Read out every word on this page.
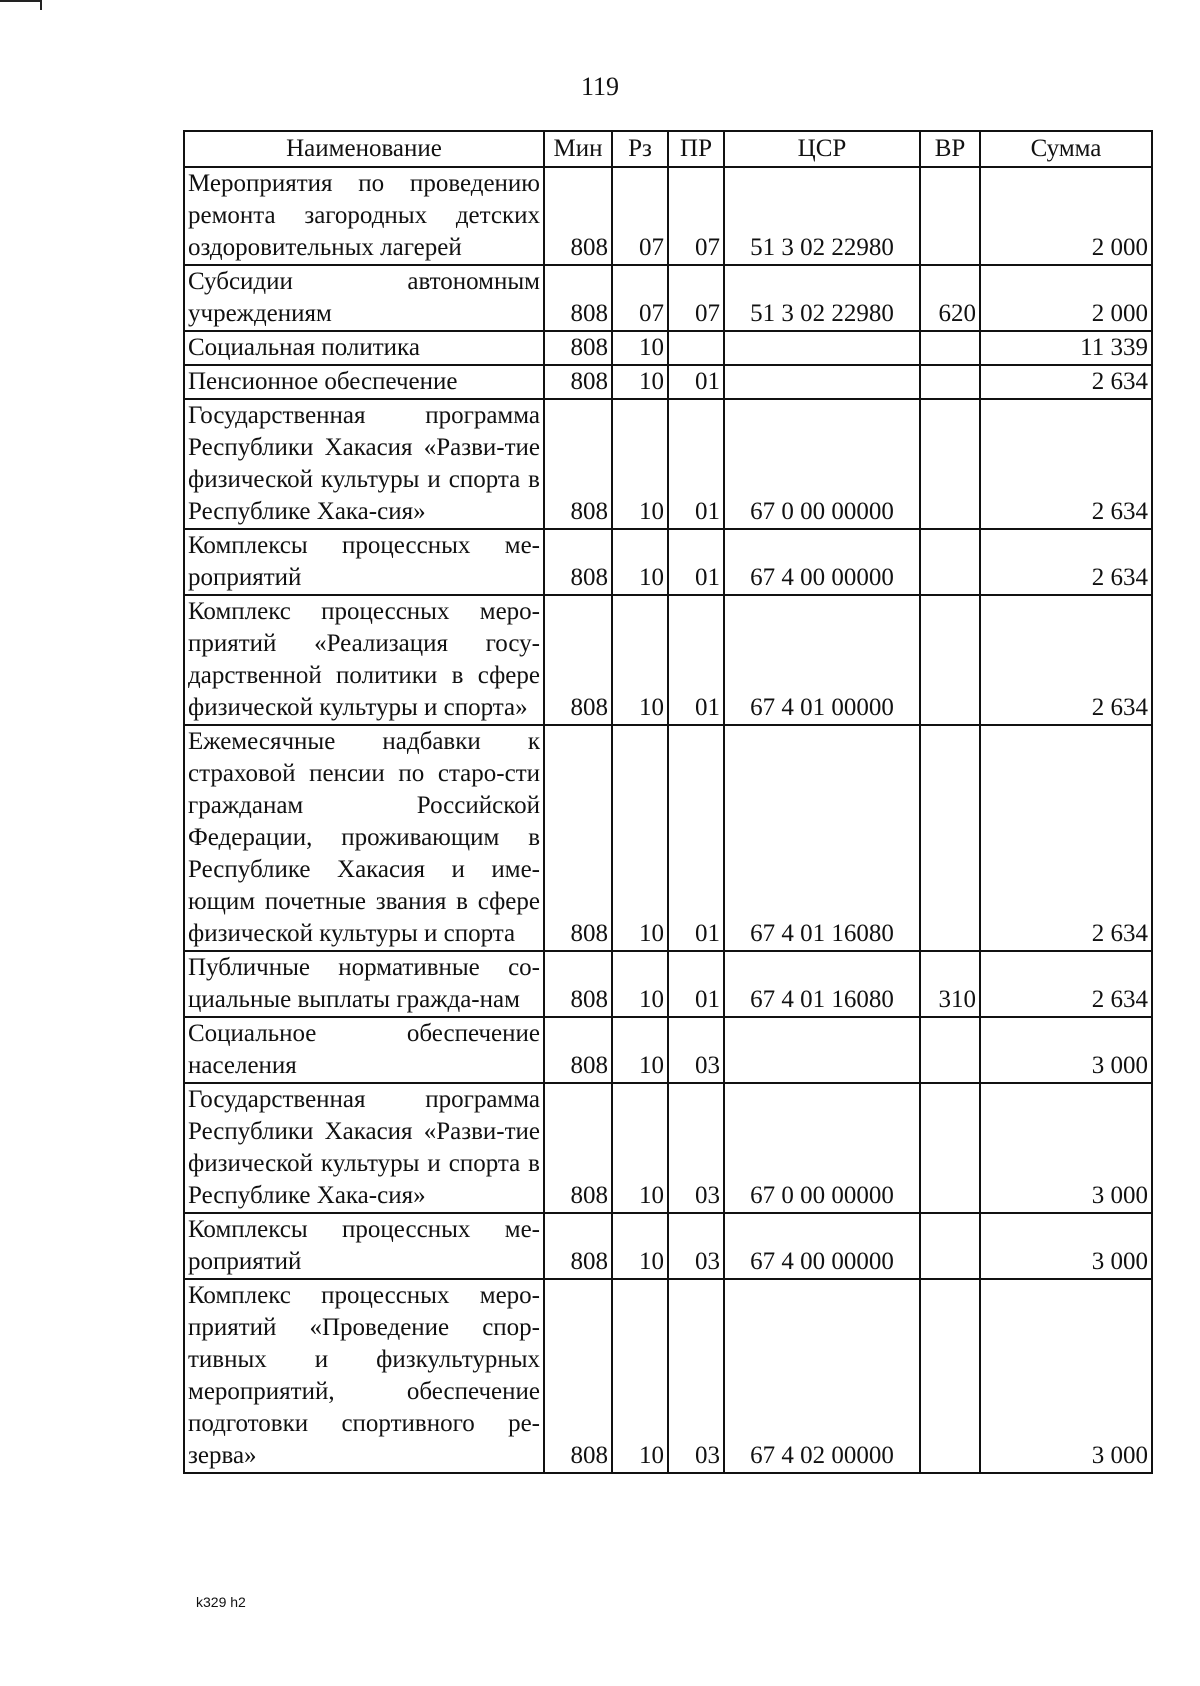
119
Наименование	Мин	Рз	ПР	ЦСР	ВР	Сумма
Мероприятия по проведению ремонта загородных детских оздоровительных лагерей	808	07	07	51 3 02 22980		2 000
Субсидии автономным учреждениям	808	07	07	51 3 02 22980	620	2 000
Социальная политика	808	10				11 339
Пенсионное обеспечение	808	10	01			2 634
Государственная программа Республики Хакасия «Разви-тие физической культуры и спорта в Республике Хака-сия»	808	10	01	67 0 00 00000		2 634
Комплексы процессных ме-роприятий	808	10	01	67 4 00 00000		2 634
Комплекс процессных меро-приятий «Реализация госу-дарственной политики в сфере физической культуры и спорта»	808	10	01	67 4 01 00000		2 634
Ежемесячные надбавки к страховой пенсии по старо-сти гражданам Российской Федерации, проживающим в Республике Хакасия и име-ющим почетные звания в сфере физической культуры и спорта	808	10	01	67 4 01 16080		2 634
Публичные нормативные со-циальные выплаты гражда-нам	808	10	01	67 4 01 16080	310	2 634
Социальное обеспечение населения	808	10	03			3 000
Государственная программа Республики Хакасия «Разви-тие физической культуры и спорта в Республике Хака-сия»	808	10	03	67 0 00 00000		3 000
Комплексы процессных ме-роприятий	808	10	03	67 4 00 00000		3 000
Комплекс процессных меро-приятий «Проведение спор-тивных и физкультурных мероприятий, обеспечение подготовки спортивного ре-зерва»	808	10	03	67 4 02 00000		3 000
k329 h2
